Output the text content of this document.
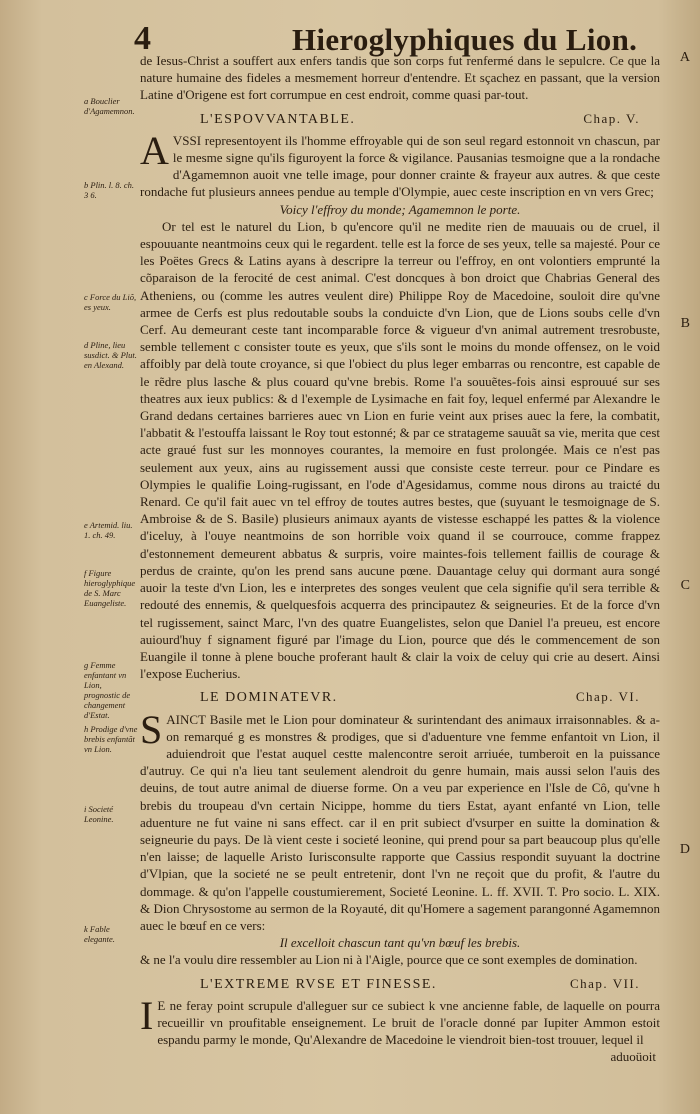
4	Hieroglyphiques du Lion.
a Bouclier d'Agamemnon.
b Plin. l. 8. ch. 3 6.
c Force du Liõ, es yeux.
d Pline, lieu susdict. & Plut. en Alexand.
e Artemid. liu. 1. ch. 49.
f Figure hieroglyphique de S. Marc Euangeliste.
g Femme enfantant vn Lion, prognostic de changement d'Estat.
h Prodige d'vne brebis enfantãt vn Lion.
i Societé Leonine.
k Fable elegante.
A
B
C
D

de Iesus-Christ a souffert aux enfers tandis que son corps fut renfermé dans le sepulcre. Ce que la nature humaine des fideles a mesmement horreur d'entendre. Et sçachez en passant, que la version Latine d'Origene est fort corrumpue en cest endroit, comme quasi par-tout.

L'ESPOVVANTABLE.	Chap. V.

AVSSI representoyent ils l'homme effroyable qui de son seul regard estonnoit vn chascun, par le mesme signe qu'ils figuroyent la force & vigilance. Pausanias tesmoigne que a la rondache d'Agamemnon auoit vne telle image, pour donner crainte & frayeur aux autres. & que ceste rondache fut plusieurs annees pendue au temple d'Olympie, auec ceste inscription en vn vers Grec;

Voicy l'effroy du monde; Agamemnon le porte.

Or tel est le naturel du Lion, b qu'encore qu'il ne medite rien de mauuais ou de cruel, il espouuante neantmoins ceux qui le regardent. telle est la force de ses yeux, telle sa majesté. Pour ce les Poëtes Grecs & Latins ayans à descripre la terreur ou l'effroy, en ont volontiers emprunté la cõparaison de la ferocité de cest animal. C'est doncques à bon droict que Chabrias General des Atheniens, ou (comme les autres veulent dire) Philippe Roy de Macedoine, souloit dire qu'vne armee de Cerfs est plus redoutable soubs la conduicte d'vn Lion, que de Lions soubs celle d'vn Cerf. Au demeurant ceste tant incomparable force & vigueur d'vn animal autrement tresrobuste, semble tellement c consister toute es yeux, que s'ils sont le moins du monde offensez, on le void affoibly par delà toute croyance, si que l'obiect du plus leger embarras ou rencontre, est capable de le rẽdre plus lasche & plus couard qu'vne brebis. Rome l'a souuẽtes-fois ainsi esprouué sur ses theatres aux ieux publics: & d l'exemple de Lysimache en fait foy, lequel enfermé par Alexandre le Grand dedans certaines barrieres auec vn Lion en furie veint aux prises auec la fere, la combatit, l'abbatit & l'estouffa laissant le Roy tout estonné; & par ce stratageme sauuãt sa vie, merita que cest acte graué fust sur les monnoyes courantes, la memoire en fust prolongée. Mais ce n'est pas seulement aux yeux, ains au rugissement aussi que consiste ceste terreur. pour ce Pindare es Olympies le qualifie Loing-rugissant, en l'ode d'Agesidamus, comme nous dirons au traicté du Renard. Ce qu'il fait auec vn tel effroy de toutes autres bestes, que (suyuant le tesmoignage de S. Ambroise & de S. Basile) plusieurs animaux ayants de vistesse eschappé les pattes & la violence d'iceluy, à l'ouye neantmoins de son horrible voix quand il se courrouce, comme frappez d'estonnement demeurent abbatus & surpris, voire maintes-fois tellement faillis de courage & perdus de crainte, qu'on les prend sans aucune pœne. Dauantage celuy qui dormant aura songé auoir la teste d'vn Lion, les e interpretes des songes veulent que cela signifie qu'il sera terrible & redouté des ennemis, & quelquesfois acquerra des principautez & seigneuries. Et de la force d'vn tel rugissement, sainct Marc, l'vn des quatre Euangelistes, selon que Daniel l'a preueu, est encore auiourd'huy f signament figuré par l'image du Lion, pource que dés le commencement de son Euangile il tonne à plene bouche proferant hault & clair la voix de celuy qui crie au desert. Ainsi l'expose Eucherius.

LE DOMINATEVR.	Chap. VI.

SAINCT Basile met le Lion pour dominateur & surintendant des animaux irraisonnables. & a-on remarqué g es monstres & prodiges, que si d'aduenture vne femme enfantoit vn Lion, il aduiendroit que l'estat auquel cestte malencontre seroit arriuée, tumberoit en la puissance d'autruy. Ce qui n'a lieu tant seulement alendroit du genre humain, mais aussi selon l'auis des deuins, de tout autre animal de diuerse forme. On a veu par experience en l'Isle de Cô, qu'vne h brebis du troupeau d'vn certain Nicippe, homme du tiers Estat, ayant enfanté vn Lion, telle aduenture ne fut vaine ni sans effect. car il en prit subiect d'vsurper en suitte la domination & seigneurie du pays. De là vient ceste i societé leonine, qui prend pour sa part beaucoup plus qu'elle n'en laisse; de laquelle Aristo Iurisconsulte rapporte que Cassius respondit suyuant la doctrine d'Vlpian, que la societé ne se peult entretenir, dont l'vn ne reçoit que du profit, & l'autre du dommage. & qu'on l'appelle coustumierement, Societé Leonine. L. ff. XVII. T. Pro socio. L. XIX. & Dion Chrysostome au sermon de la Royauté, dit qu'Homere a sagement parangonné Agamemnon auec le bœuf en ce vers:

Il excelloit chascun tant qu'vn bœuf les brebis.

& ne l'a voulu dire ressembler au Lion ni à l'Aigle, pource que ce sont exemples de domination.

L'EXTREME RVSE ET FINESSE.	Chap. VII.

I E ne feray point scrupule d'alleguer sur ce subiect k vne ancienne fable, de laquelle on pourra recueillir vn proufitable enseignement. Le bruit de l'oracle donné par Iupiter Ammon estoit espandu parmy le monde, Qu'Alexandre de Macedoine le viendroit bien-tost trouuer, lequel il

aduoüoit
